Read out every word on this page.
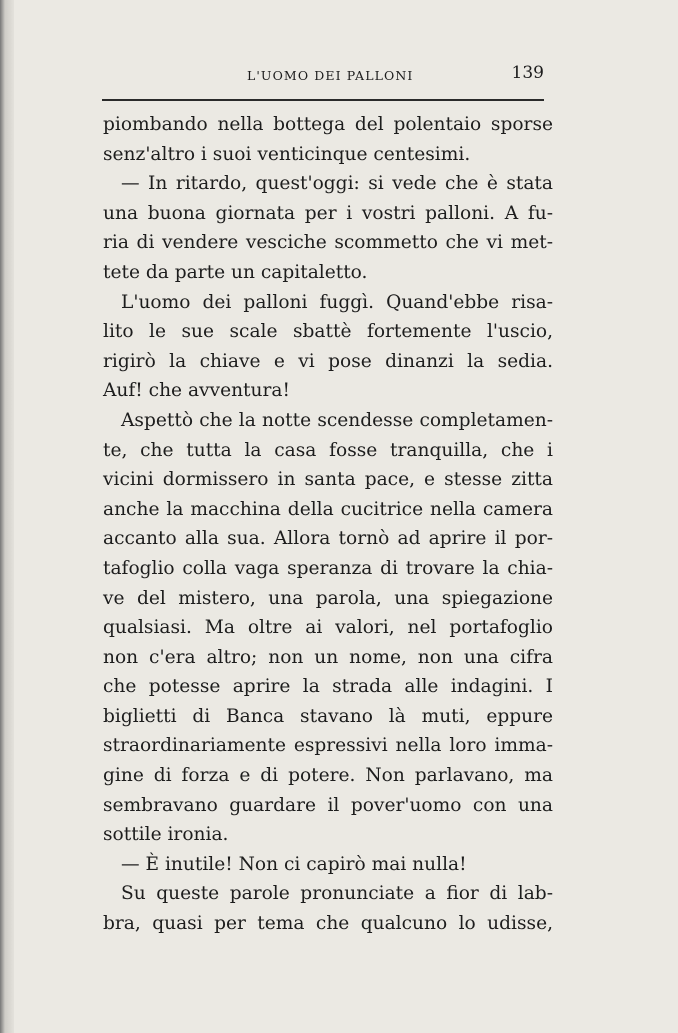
L'UOMO DEI PALLONI	139
piombando nella bottega del polentaio sporse
senz'altro i suoi venticinque centesimi.
— In ritardo, quest'oggi: si vede che è stata
una buona giornata per i vostri palloni. A fu-
ria di vendere vesciche scommetto che vi met-
tete da parte un capitaletto.
L'uomo dei palloni fuggì. Quand'ebbe risa-
lito le sue scale sbattè fortemente l'uscio,
rigirò la chiave e vi pose dinanzi la sedia.
Auf! che avventura!
Aspettò che la notte scendesse completamen-
te, che tutta la casa fosse tranquilla, che i
vicini dormissero in santa pace, e stesse zitta
anche la macchina della cucitrice nella camera
accanto alla sua. Allora tornò ad aprire il por-
tafoglio colla vaga speranza di trovare la chia-
ve del mistero, una parola, una spiegazione
qualsiasi. Ma oltre ai valori, nel portafoglio
non c'era altro; non un nome, non una cifra
che potesse aprire la strada alle indagini. I
biglietti di Banca stavano là muti, eppure
straordinariamente espressivi nella loro imma-
gine di forza e di potere. Non parlavano, ma
sembravano guardare il pover'uomo con una
sottile ironia.
— È inutile! Non ci capirò mai nulla!
Su queste parole pronunciate a fior di lab-
bra, quasi per tema che qualcuno lo udisse,
